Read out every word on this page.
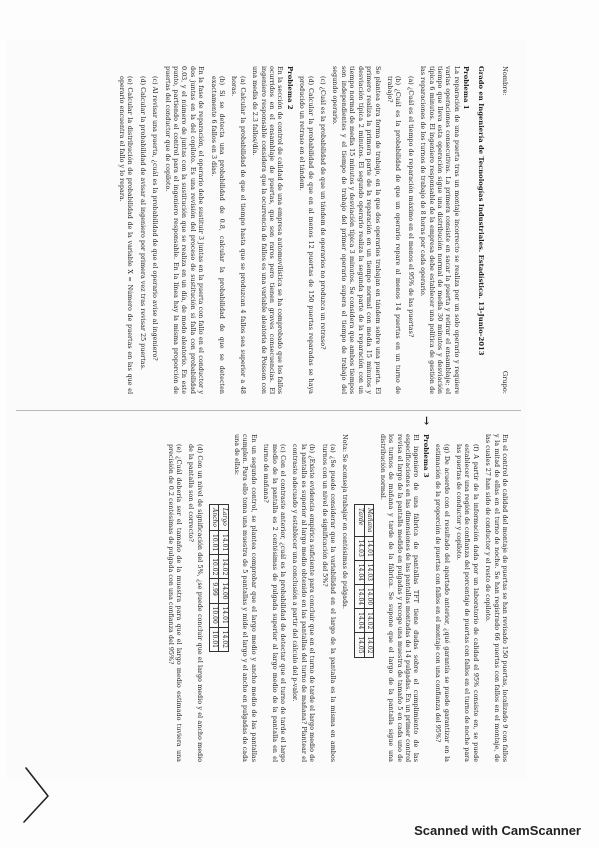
Nombre:
Grupo:
Grado en Ingeniería de Tecnologías Industriales. Estadística. 13-Junio-2013
Problema 1
La reparación de una puerta tras un montaje incorrecto se realiza por un solo operario y requiere varias operaciones consecutivas. La primera consiste en sacar la puerta y retirar el ensamblaje; el tiempo que lleva esta operación sigue una distribución normal de media 30 minutos y desviación típica 6 minutos. El ingeniero responsable de la empresa debe establecer una política de gestión de las reparaciones de los turnos de trabajo de 8 horas por cada operario.
(a) ¿Cuál es el tiempo de reparación máximo en el menos el 95% de las puertas?
(b) ¿Cuál es la probabilidad de que un operario repare al menos 14 puertas en un turno de trabajo?
Se plantea otra forma de trabajo, en la que dos operarios trabajan en tándem sobre una puerta. El primero realiza la primera parte de la reparación en un tiempo normal con media 15 minutos y desviación típica 2 minutos. El segundo operario realiza la segunda parte de la reparación con un tiempo normal de media 15 minutos y desviación típica 3 minutos. Se considera que ambos tiempos son independientes y el tiempo de trabajo del primer operario supera el tiempo de trabajo del segundo operario.
(c) ¿Cuál es la probabilidad de que un tándem de operarios no produzca un retraso?
(d) Calcular la probabilidad de que en al menos 12 puertas de 150 puertas reparadas se haya producido un retraso en el tándem.
Problema 2
En la sección de control de calidad de una empresa automovilística se ha comprobado que los fallos ocurridos en el ensamblaje de puertas, que son raros pero tienen graves consecuencias. El ingeniero responsable considera que la ocurrencia de fallos es una variable aleatoria de Poisson con una media de 2.3 fallos/día.
(a) Calcular la probabilidad de que el tiempo hasta que se produzcan 4 fallos sea superior a 48 horas.
(b) Si se detecta una probabilidad de 0.8, calcular la probabilidad de que se detecten exactamente 6 fallos en 3 días.
En la fase de reparación, el operario debe sustituir 3 juntas en la puerta con fallo en el conductor y dos juntas en la del copiloto. Es una revisión del proceso de sustitución si falla con probabilidad 0.03, y el número de juntas con la sustitución que se realiza en un día, de modo aleatorio. En este punto, partiendo el control para el ingeniero responsable. En la línea hay la misma proporción de puertas del conductor que de copiloto.
(c) Al revisar una puerta, ¿cuál es la probabilidad de que el operario avise al ingeniero?
(d) Calcular la probabilidad de avisar al ingeniero por primera vez tras revisar 25 puertas.
(e) Calcular la distribución de probabilidad de la variable X = Número de puertas en las que el operario encuentra el fallo y lo repara.
En el control de calidad del montaje de puertas se han revisado 150 puertas, localizado 9 con fallos y la mitad de ellas en el turno de noche. Se han registrado 66 puertas con fallos en el montaje, de las cuales 27 han sido de conductor y el resto de copiloto.
(f) A partir de la información dada por un laboratorio de calidad el 95% consiste en, se puede establecer una región de confianza del porcentaje de puertas con fallos en el turno de noche para las puertas de conductor y copiloto.
(g) De acuerdo con el resultado del apartado anterior, ¿qué garantía se puede garantizar en la estimación de la proporción de puertas con fallos en el montaje con una confianza del 95%?
→
Problema 3
El ingeniero de una fábrica de pantallas TFT tiene dudas sobre el cumplimiento de las especificaciones en las dimensiones de las pantallas montadas de 14 pulgadas. En un primer control revisa el largo de la pantalla medido en pulgadas y recoge una muestra de tamaño 5 en cada uno de los turnos de mañana y tarde de la fábrica. Se supone que el largo de la pantalla sigue una distribución normal.
Mañana	14.01	14.03	14.00	14.02	14.02
Tarde	14.03	14.04	14.04	14.04	14.05
Nota: Se aconseja trabajar en centésimas de pulgada.
(a) ¿Se puede considerar que la variabilidad en el largo de la pantalla es la misma en ambos turnos con un nivel de significación del 5%?
(b) ¿Existe evidencia empírica suficiente para concluir que en el turno de tarde el largo medio de la pantalla es superior al largo medio obtenido en las pantallas del turno de mañana? Plantear el contraste adecuado y establecer una conclusión a partir del cálculo del p-valor.
(c) Con el contraste anterior, ¿cuál es la probabilidad de detectar que el turno de tarde el largo medio de la pantalla es 2 centésimas de pulgada superior al largo medio de la pantalla en el turno de mañana?
En un segundo control, se plantea comprobar que el largo medio y ancho medio de las pantallas cumplen. Para ello toma una muestra de 5 pantallas y mide el largo y el ancho en pulgadas de cada una de ellas:
Largo	14.01	14.02	14.00	14.01	14.02
Ancho	10.01	10.02	9.99	10.00	10.01
(d) Con un nivel de significación del 5%, ¿se puede concluir que el largo medio y el ancho medio de la pantalla son el correcto?
(e) ¿Cuál debería ser el tamaño de la muestra para que el largo medio estimado tuviera una precisión de 0.2 centésimas de pulgada con una confianza del 95%?
Scanned with CamScanner
